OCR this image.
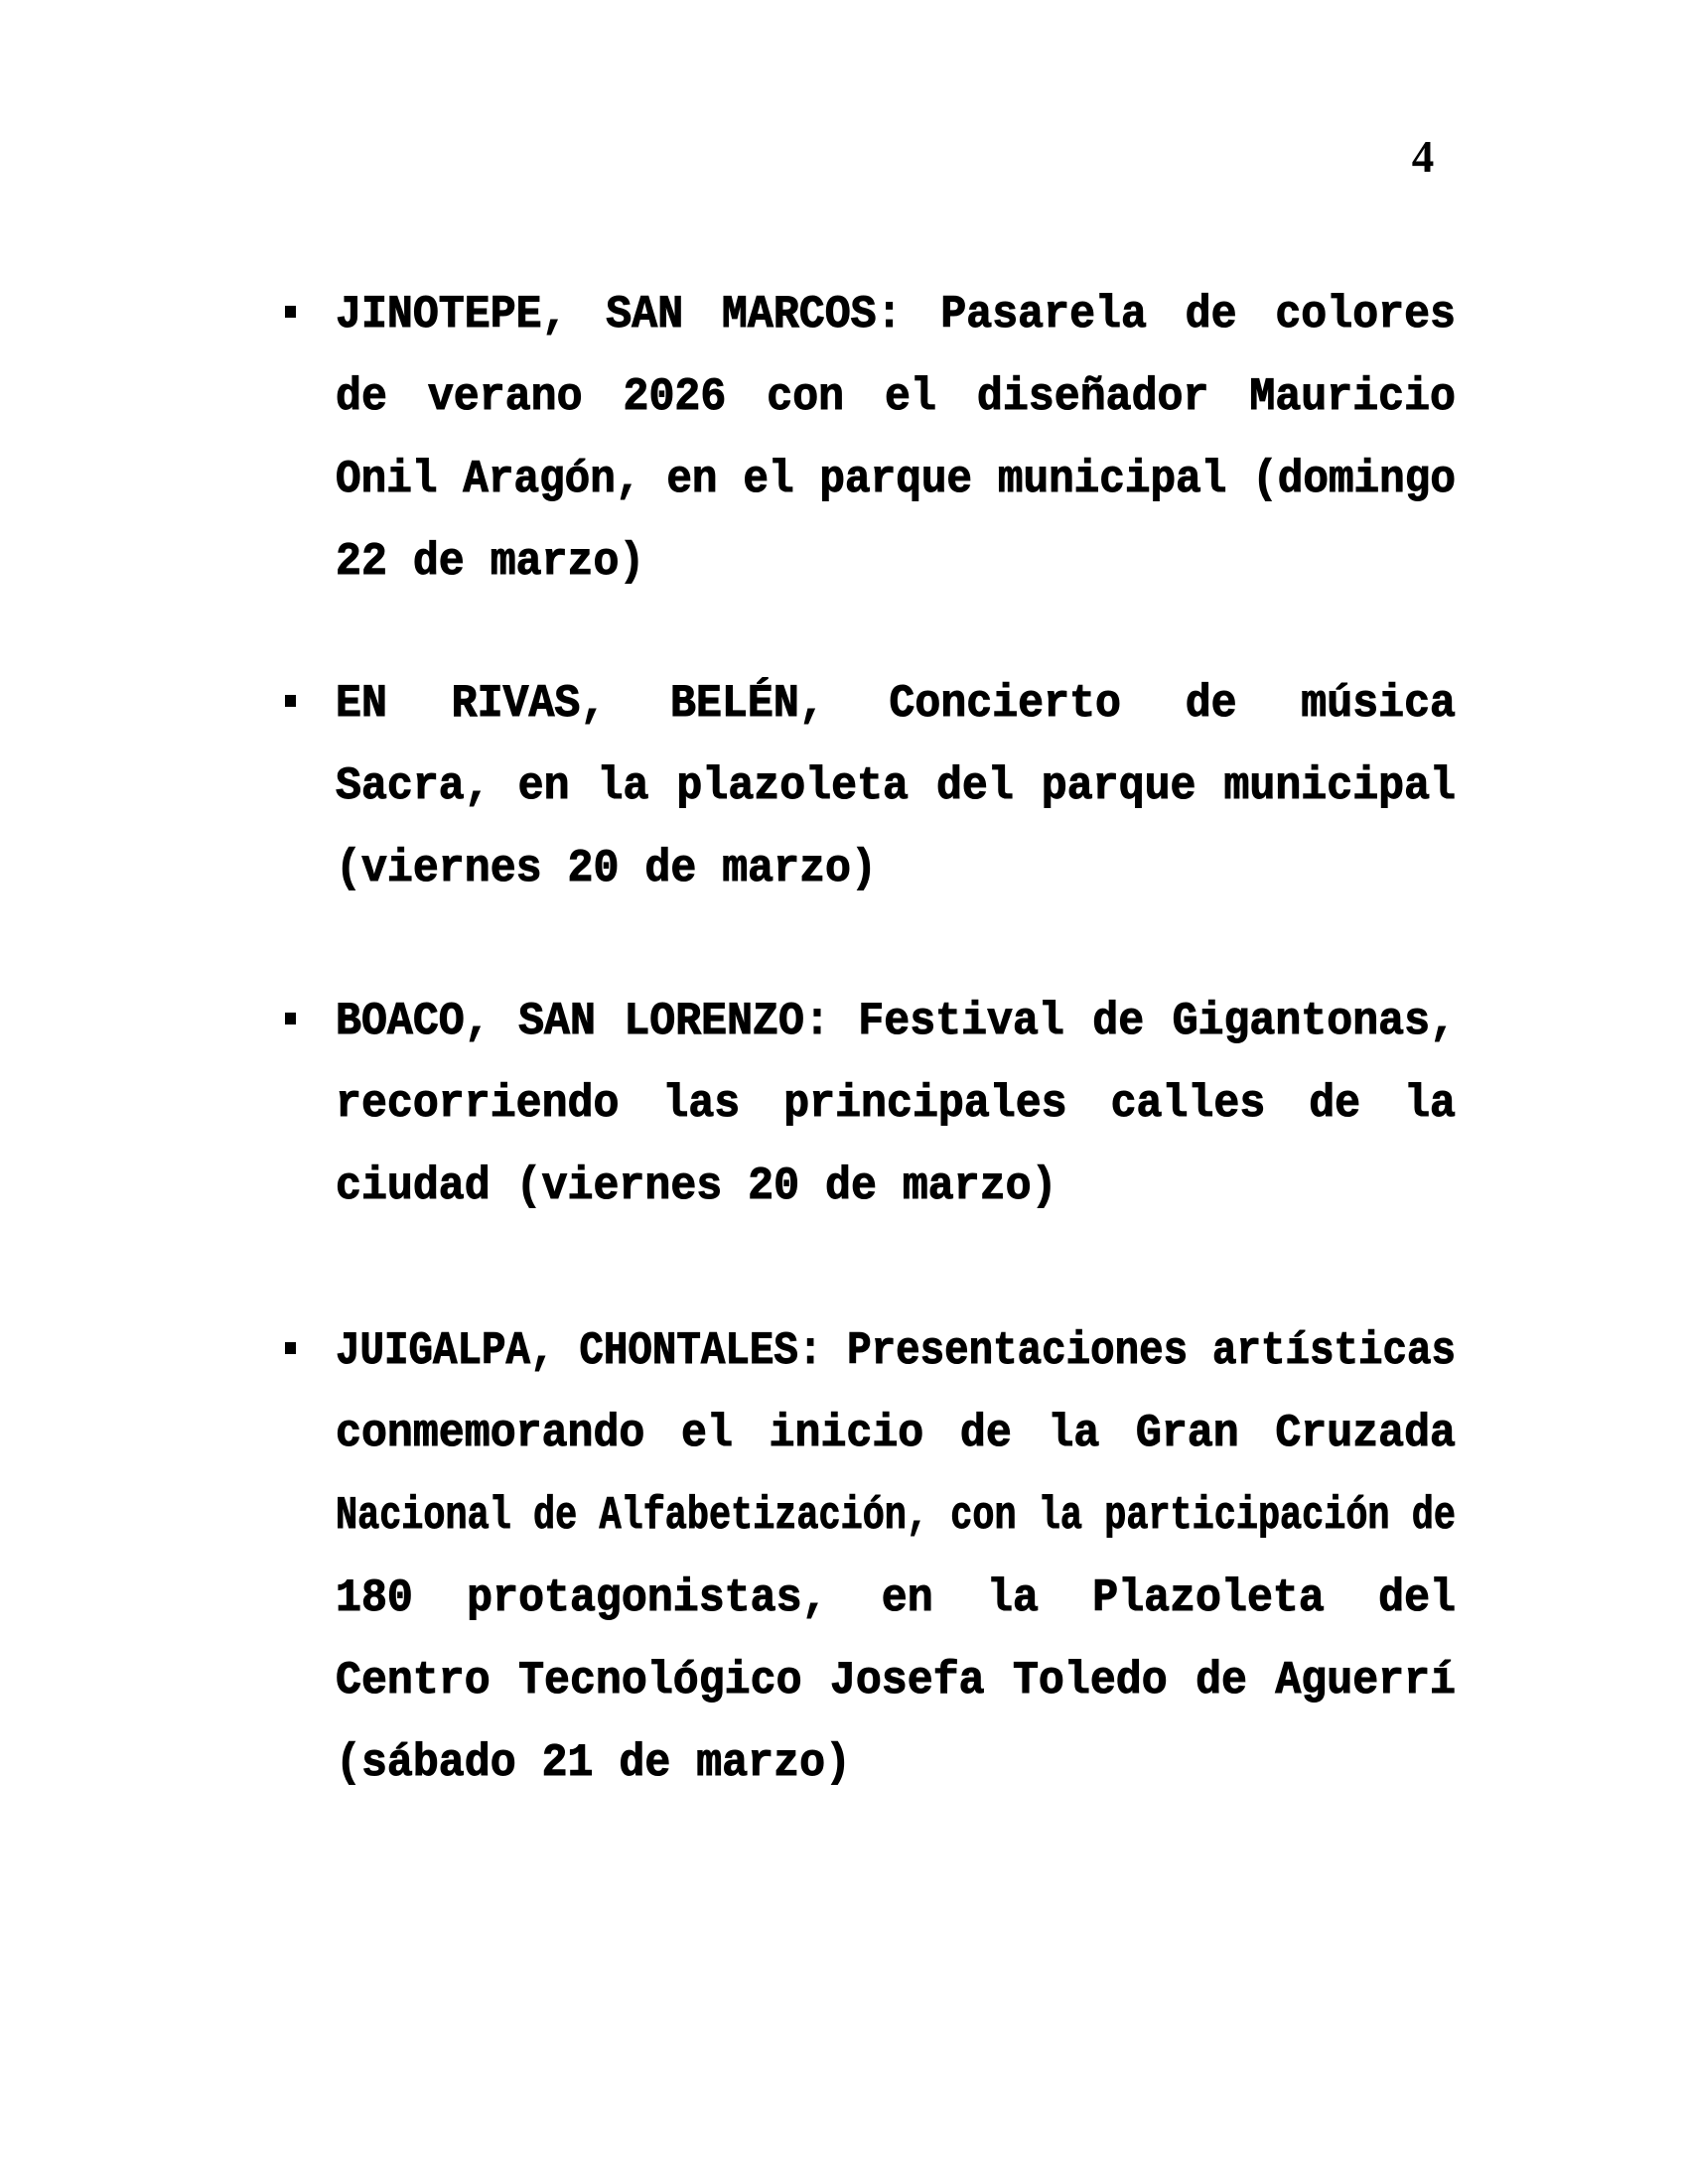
4
JINOTEPE, SAN MARCOS: Pasarela de colores
de verano 2026 con el diseñador Mauricio
Onil Aragón, en el parque municipal (domingo
22 de marzo)
EN RIVAS, BELÉN, Concierto de música
Sacra, en la plazoleta del parque municipal
(viernes 20 de marzo)
BOACO, SAN LORENZO: Festival de Gigantonas,
recorriendo las principales calles de la
ciudad (viernes 20 de marzo)
JUIGALPA, CHONTALES: Presentaciones artísticas
conmemorando el inicio de la Gran Cruzada
Nacional de Alfabetización, con la participación de
180 protagonistas, en la Plazoleta del
Centro Tecnológico Josefa Toledo de Aguerrí
(sábado 21 de marzo)
